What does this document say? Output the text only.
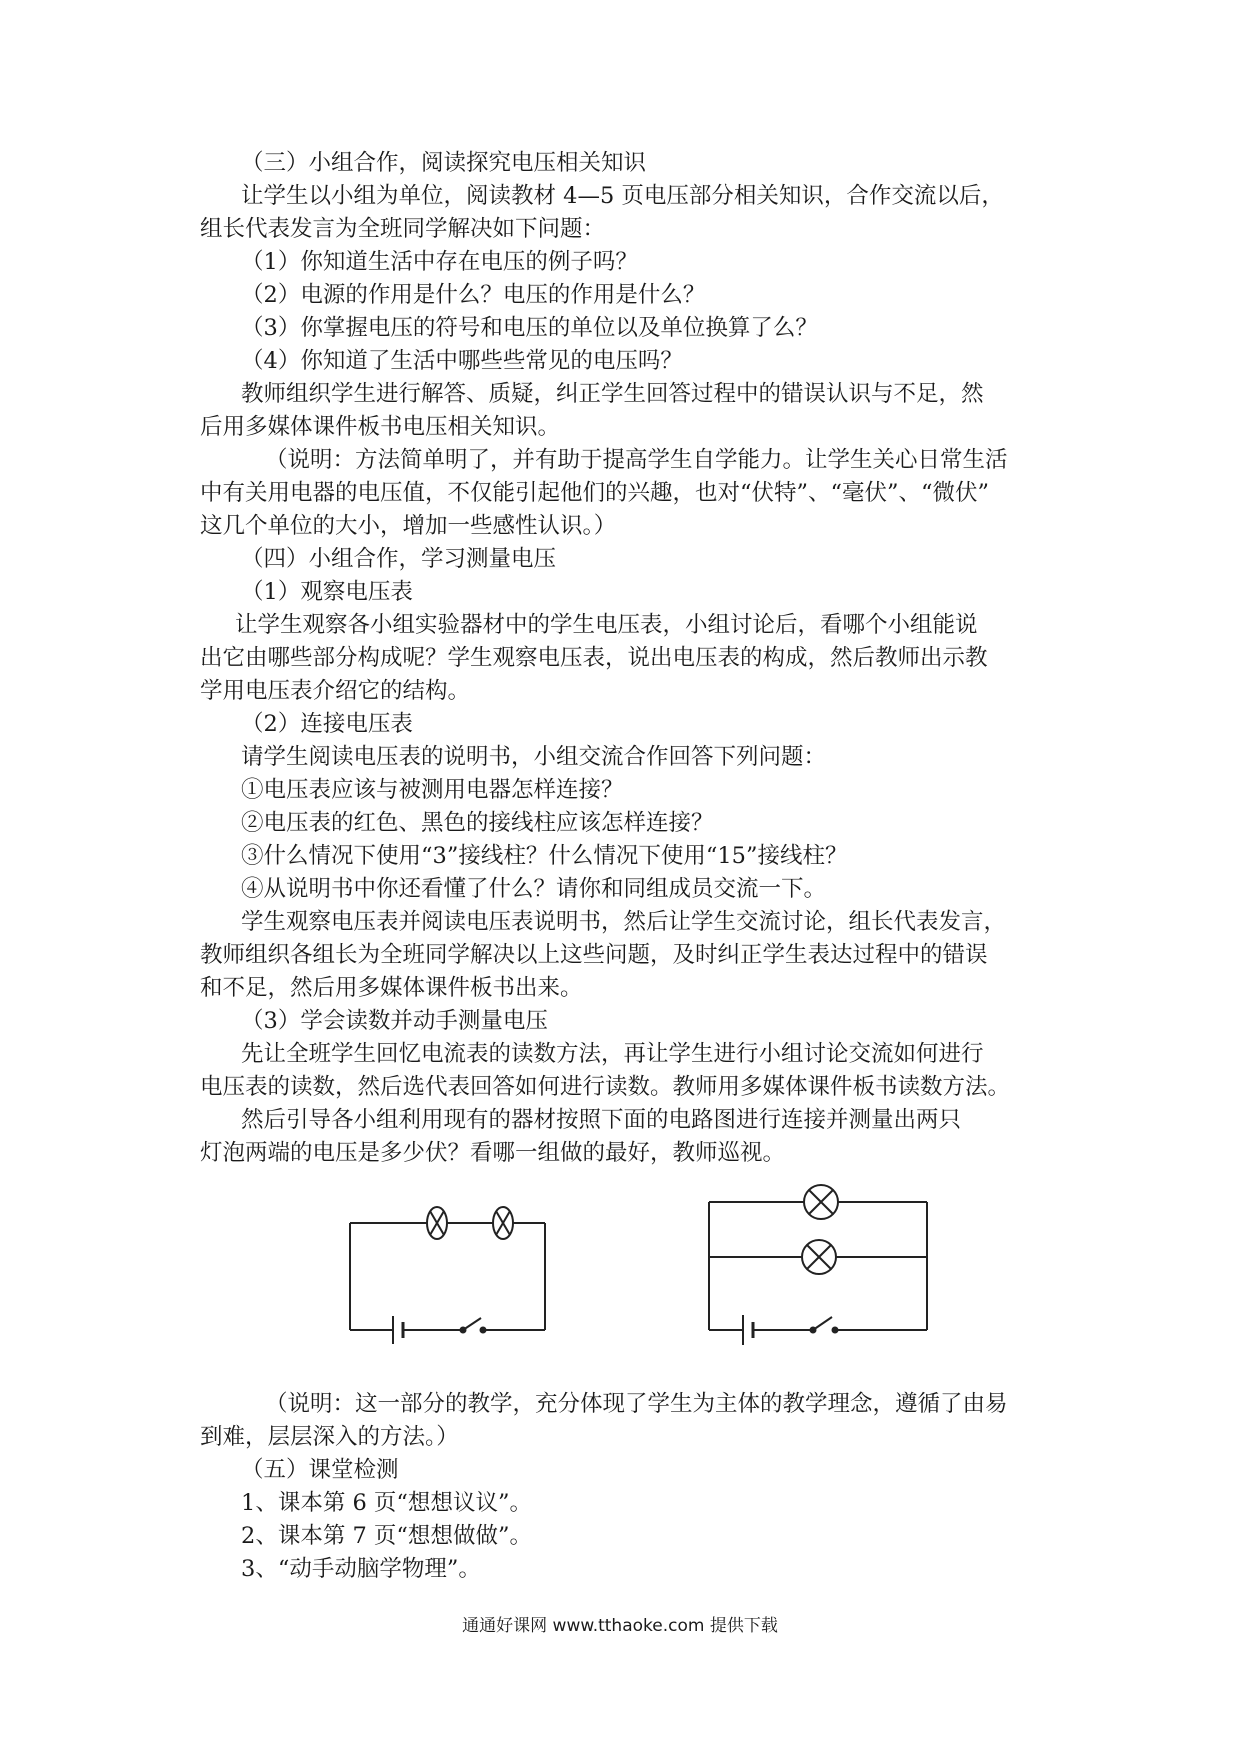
（三）小组合作，阅读探究电压相关知识
让学生以小组为单位，阅读教材 4—5 页电压部分相关知识，合作交流以后，
组长代表发言为全班同学解决如下问题：
（1）你知道生活中存在电压的例子吗？
（2）电源的作用是什么？电压的作用是什么？
（3）你掌握电压的符号和电压的单位以及单位换算了么？
（4）你知道了生活中哪些些常见的电压吗？
教师组织学生进行解答、质疑，纠正学生回答过程中的错误认识与不足，然
后用多媒体课件板书电压相关知识。
（说明：方法简单明了，并有助于提高学生自学能力。让学生关心日常生活
中有关用电器的电压值，不仅能引起他们的兴趣，也对“伏特”、“毫伏”、“微伏”
这几个单位的大小，增加一些感性认识。）
（四）小组合作，学习测量电压
（1）观察电压表
让学生观察各小组实验器材中的学生电压表，小组讨论后，看哪个小组能说
出它由哪些部分构成呢？学生观察电压表，说出电压表的构成，然后教师出示教
学用电压表介绍它的结构。
（2）连接电压表
请学生阅读电压表的说明书，小组交流合作回答下列问题：
①电压表应该与被测用电器怎样连接？
②电压表的红色、黑色的接线柱应该怎样连接？
③什么情况下使用“3”接线柱？什么情况下使用“15”接线柱？
④从说明书中你还看懂了什么？请你和同组成员交流一下。
学生观察电压表并阅读电压表说明书，然后让学生交流讨论，组长代表发言，
教师组织各组长为全班同学解决以上这些问题，及时纠正学生表达过程中的错误
和不足，然后用多媒体课件板书出来。
（3）学会读数并动手测量电压
先让全班学生回忆电流表的读数方法，再让学生进行小组讨论交流如何进行
电压表的读数，然后选代表回答如何进行读数。教师用多媒体课件板书读数方法。
然后引导各小组利用现有的器材按照下面的电路图进行连接并测量出两只
灯泡两端的电压是多少伏？看哪一组做的最好，教师巡视。
（说明：这一部分的教学，充分体现了学生为主体的教学理念，遵循了由易
到难，层层深入的方法。）
（五）课堂检测
1、课本第 6 页“想想议议”。
2、课本第 7 页“想想做做”。
3、“动手动脑学物理”。
通通好课网 www.tthaoke.com 提供下载
